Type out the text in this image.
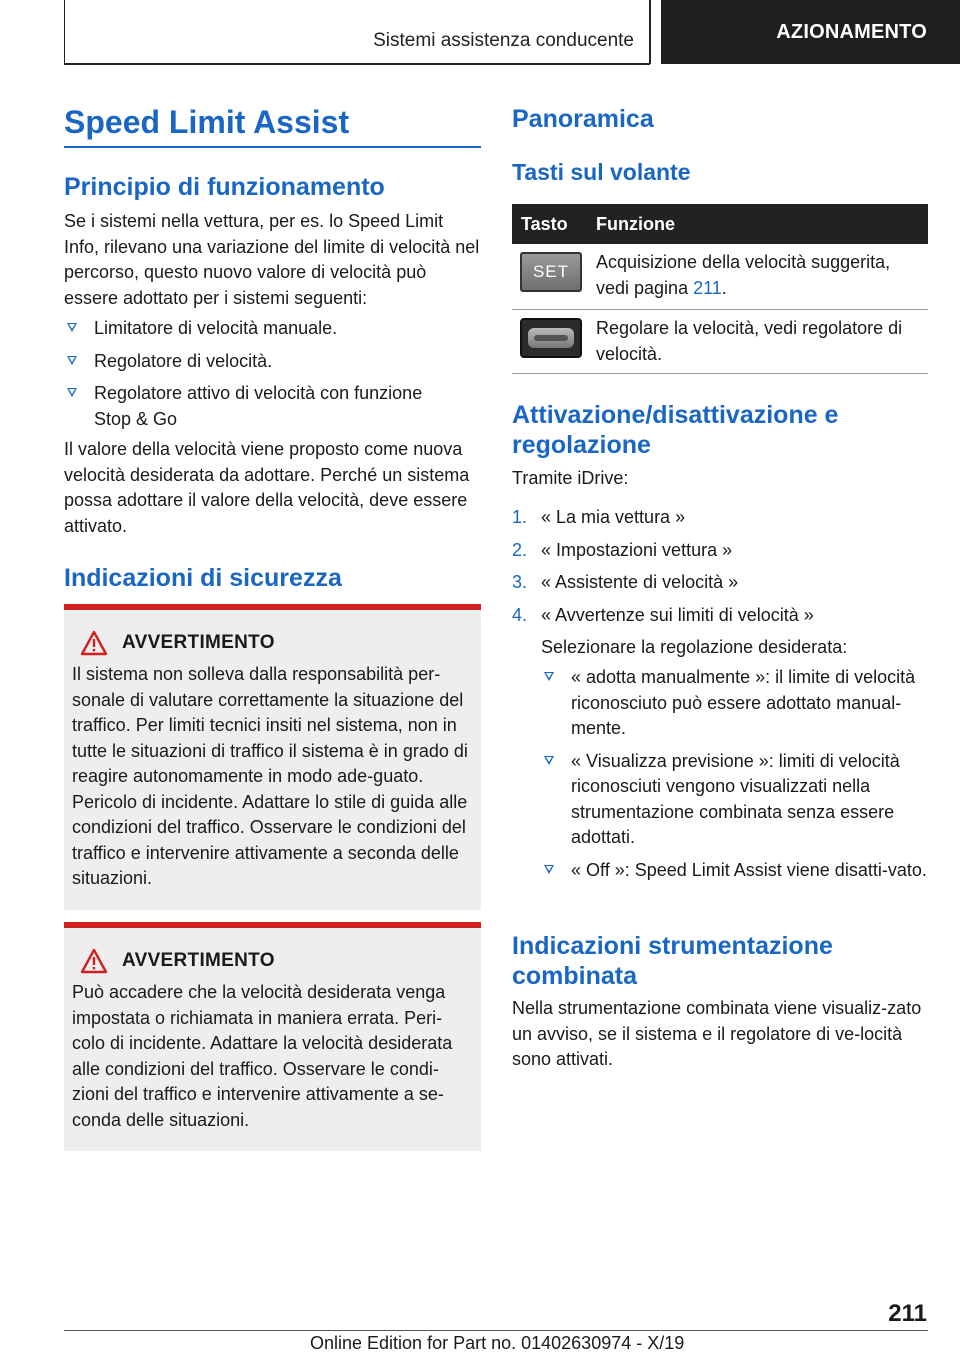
Sistemi assistenza conducente	AZIONAMENTO
Speed Limit Assist
Principio di funzionamento
Se i sistemi nella vettura, per es. lo Speed Limit Info, rilevano una variazione del limite di velocità nel percorso, questo nuovo valore di velocità può essere adottato per i sistemi seguenti:
Limitatore di velocità manuale.
Regolatore di velocità.
Regolatore attivo di velocità con funzione Stop & Go
Il valore della velocità viene proposto come nuova velocità desiderata da adottare. Perché un sistema possa adottare il valore della velocità, deve essere attivato.
Indicazioni di sicurezza
AVVERTIMENTO
Il sistema non solleva dalla responsabilità per-sonale di valutare correttamente la situazione del traffico. Per limiti tecnici insiti nel sistema, non in tutte le situazioni di traffico il sistema è in grado di reagire autonomamente in modo ade-guato. Pericolo di incidente. Adattare lo stile di guida alle condizioni del traffico. Osservare le condizioni del traffico e intervenire attivamente a seconda delle situazioni.
AVVERTIMENTO
Può accadere che la velocità desiderata venga impostata o richiamata in maniera errata. Peri-colo di incidente. Adattare la velocità desiderata alle condizioni del traffico. Osservare le condi-zioni del traffico e intervenire attivamente a se-conda delle situazioni.
Panoramica
Tasti sul volante
Tasto	Funzione
SET Acquisizione della velocità suggerita, vedi pagina 211.
Regolare la velocità, vedi regolatore di velocità.
Attivazione/disattivazione e regolazione
Tramite iDrive:
1. « La mia vettura »
2. « Impostazioni vettura »
3. « Assistente di velocità »
4. « Avvertenze sui limiti di velocità »
Selezionare la regolazione desiderata:
« adotta manualmente »: il limite di velocità riconosciuto può essere adottato manual-mente.
« Visualizza previsione »: limiti di velocità riconosciuti vengono visualizzati nella strumentazione combinata senza essere adottati.
« Off »: Speed Limit Assist viene disatti-vato.
Indicazioni strumentazione combinata
Nella strumentazione combinata viene visualiz-zato un avviso, se il sistema e il regolatore di ve-locità sono attivati.
211
Online Edition for Part no. 01402630974 - X/19
